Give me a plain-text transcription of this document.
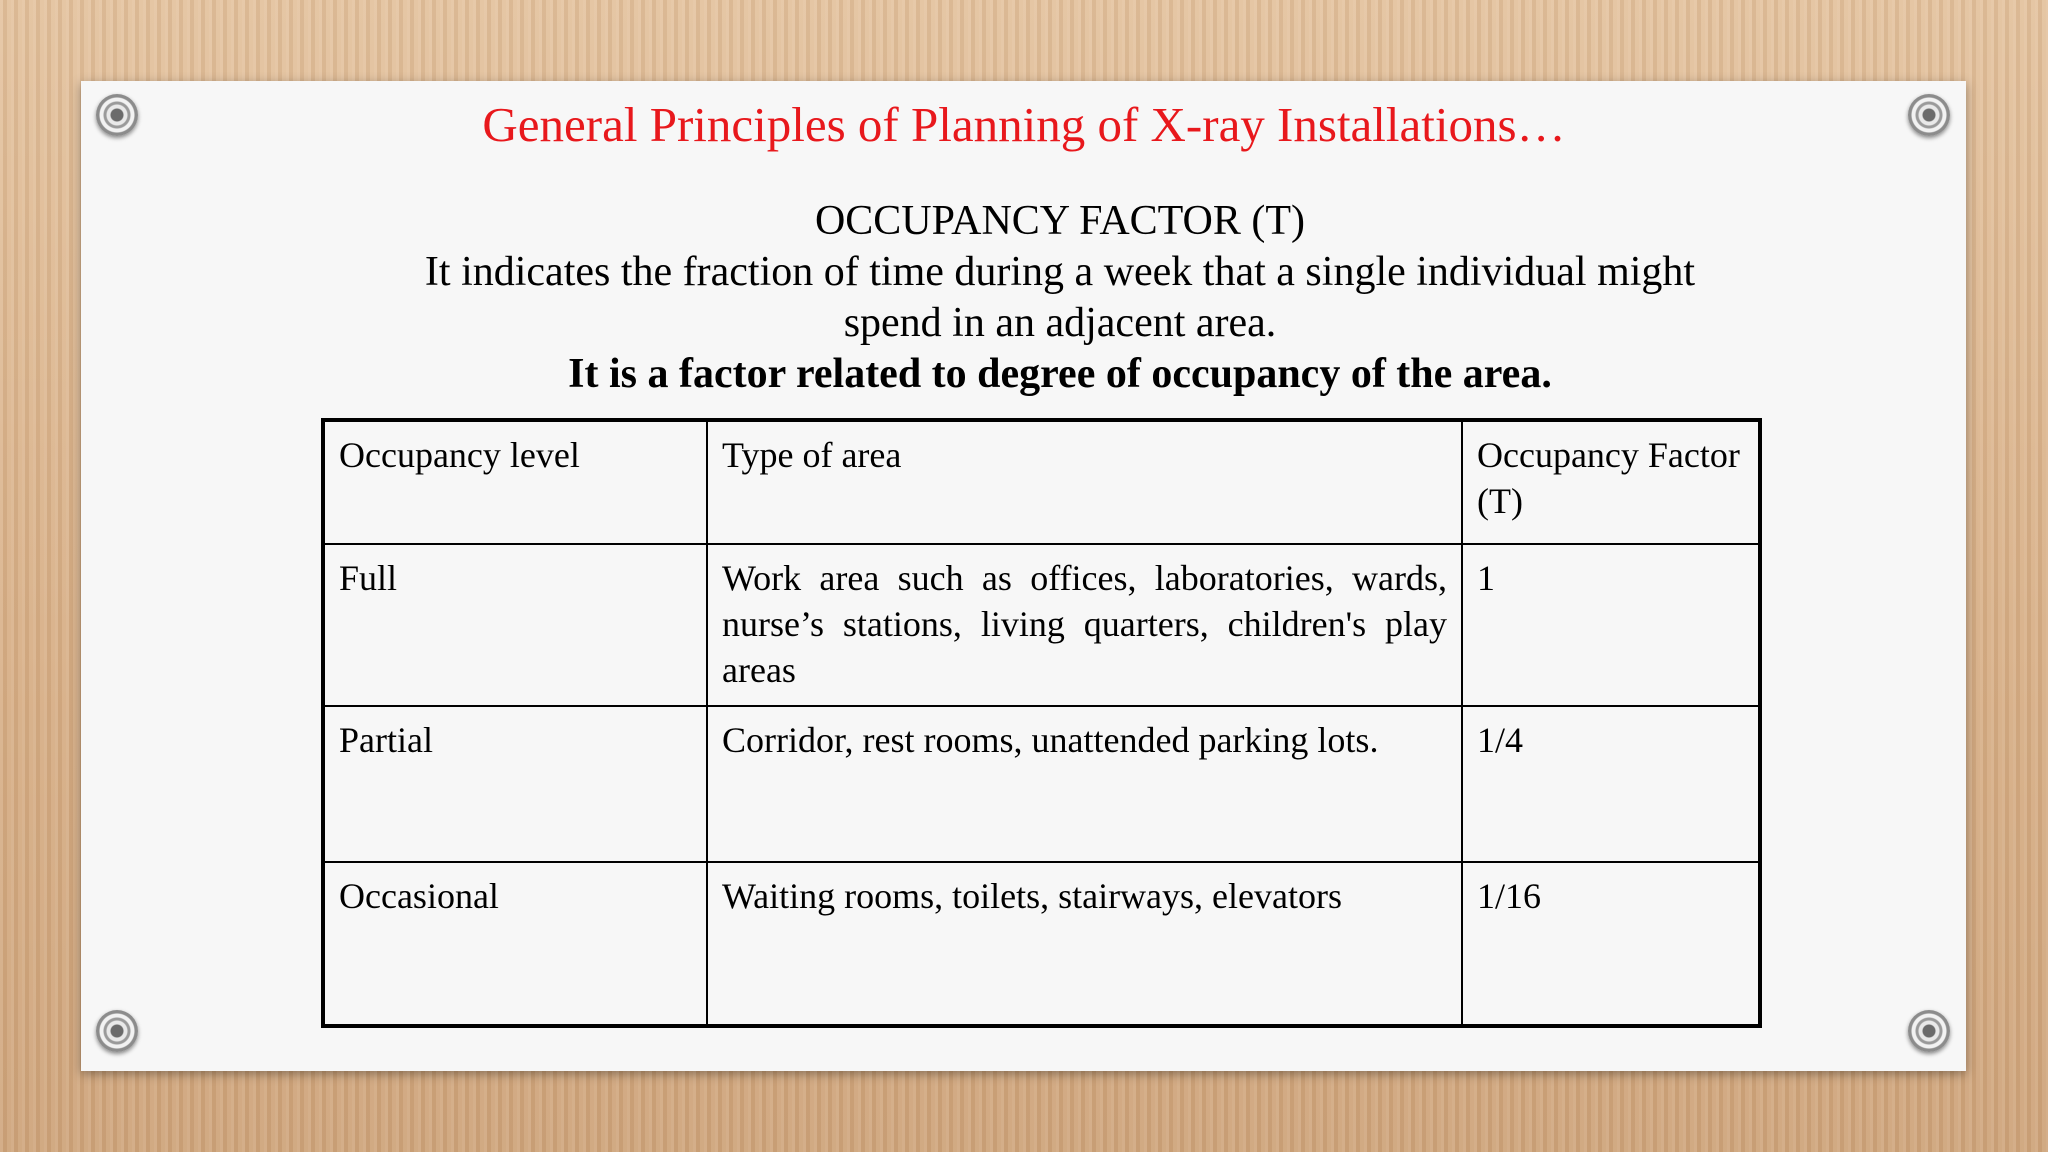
General Principles of Planning of X-ray Installations…
OCCUPANCY FACTOR (T)
It indicates the fraction of time during a week that a single individual might
spend in an adjacent area.
It is a factor related to degree of occupancy of the area.
Occupancy level	Type of area	Occupancy Factor (T)
Full	Work area such as offices, laboratories, wards, nurse’s stations, living quarters, children's play areas	1
Partial	Corridor, rest rooms, unattended parking lots.	1/4
Occasional	Waiting rooms, toilets, stairways, elevators	1/16
